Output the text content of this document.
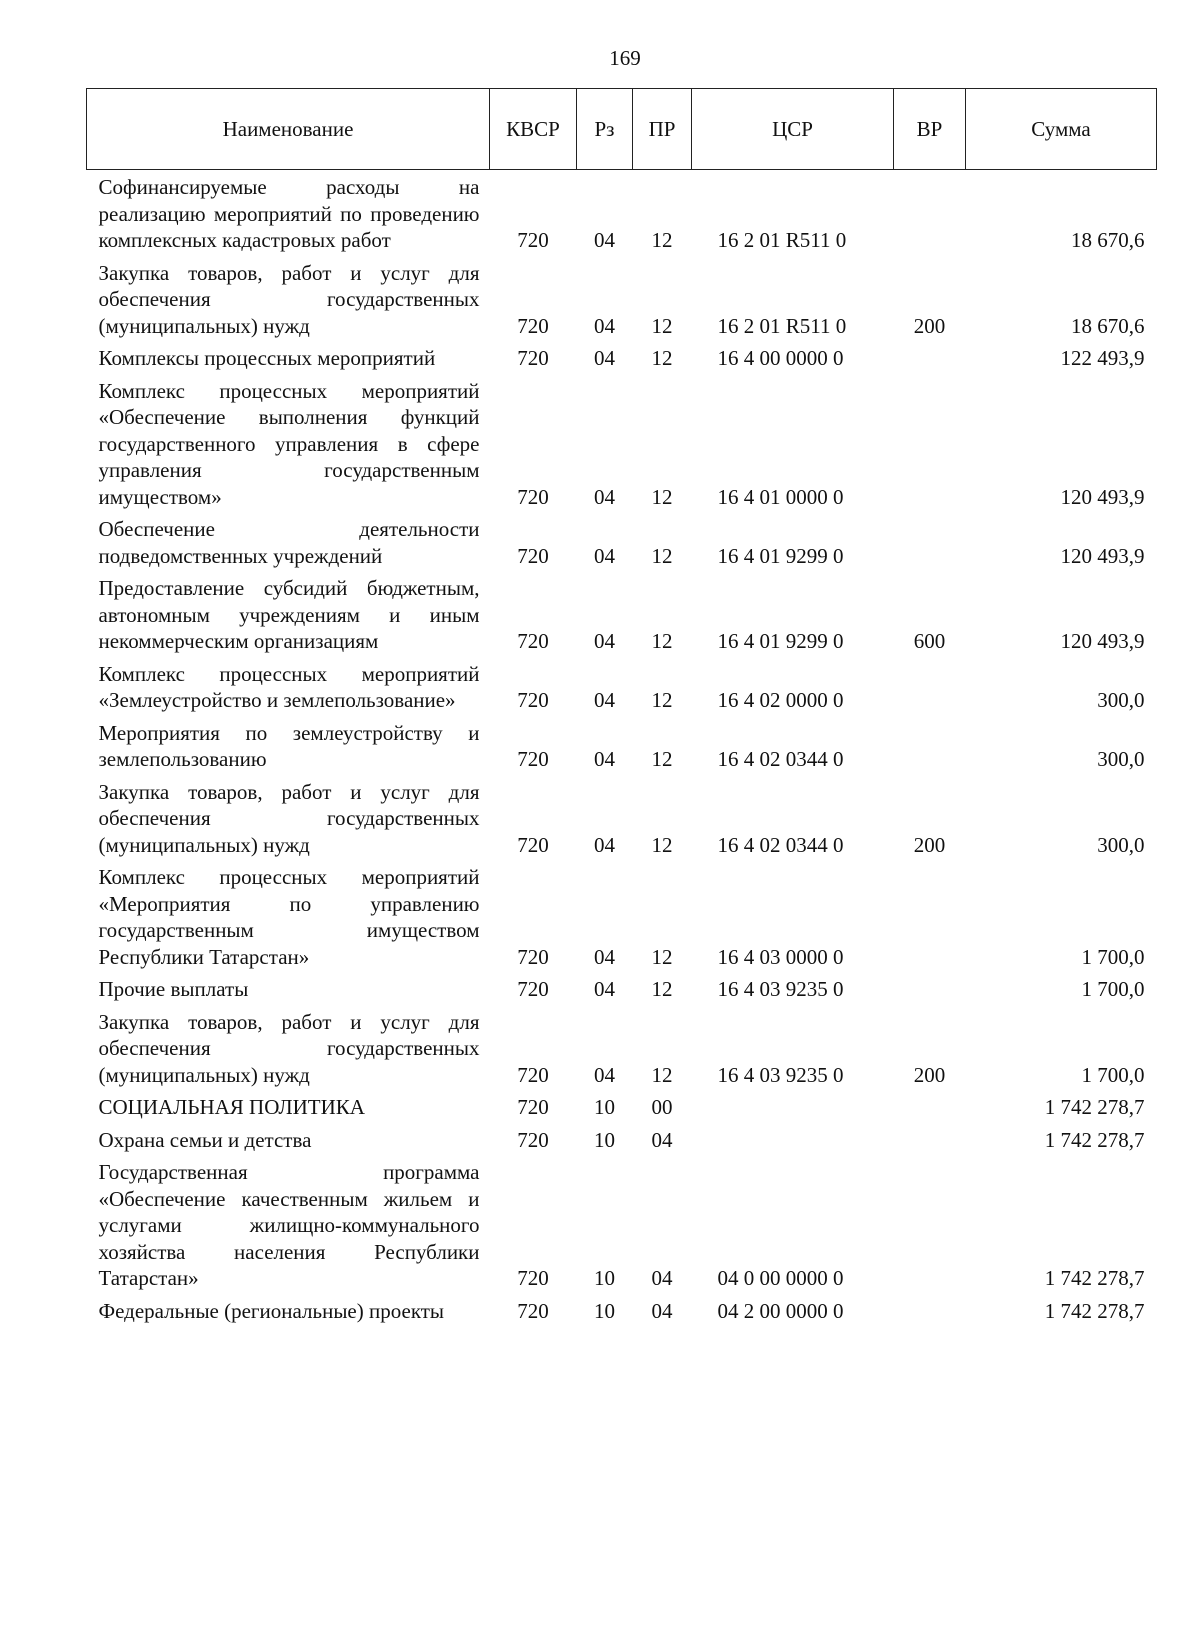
169
Наименование	КВСР	Рз	ПР	ЦСР	ВР	Сумма
Софинансируемые расходы на реализацию мероприятий по проведению комплексных кадастровых работ	720	04	12	16 2 01 R511 0		18 670,6
Закупка товаров, работ и услуг для обеспечения государственных (муниципальных) нужд	720	04	12	16 2 01 R511 0	200	18 670,6
Комплексы процессных мероприятий	720	04	12	16 4 00 0000 0		122 493,9
Комплекс процессных мероприятий «Обеспечение выполнения функций государственного управления в сфере управления государственным имуществом»	720	04	12	16 4 01 0000 0		120 493,9
Обеспечение деятельности подведомственных учреждений	720	04	12	16 4 01 9299 0		120 493,9
Предоставление субсидий бюджетным, автономным учреждениям и иным некоммерческим организациям	720	04	12	16 4 01 9299 0	600	120 493,9
Комплекс процессных мероприятий «Землеустройство и землепользование»	720	04	12	16 4 02 0000 0		300,0
Мероприятия по землеустройству и землепользованию	720	04	12	16 4 02 0344 0		300,0
Закупка товаров, работ и услуг для обеспечения государственных (муниципальных) нужд	720	04	12	16 4 02 0344 0	200	300,0
Комплекс процессных мероприятий «Мероприятия по управлению государственным имуществом Республики Татарстан»	720	04	12	16 4 03 0000 0		1 700,0
Прочие выплаты	720	04	12	16 4 03 9235 0		1 700,0
Закупка товаров, работ и услуг для обеспечения государственных (муниципальных) нужд	720	04	12	16 4 03 9235 0	200	1 700,0
СОЦИАЛЬНАЯ ПОЛИТИКА	720	10	00			1 742 278,7
Охрана семьи и детства	720	10	04			1 742 278,7
Государственная программа «Обеспечение качественным жильем и услугами жилищно-коммунального хозяйства населения Республики Татарстан»	720	10	04	04 0 00 0000 0		1 742 278,7
Федеральные (региональные) проекты	720	10	04	04 2 00 0000 0		1 742 278,7
